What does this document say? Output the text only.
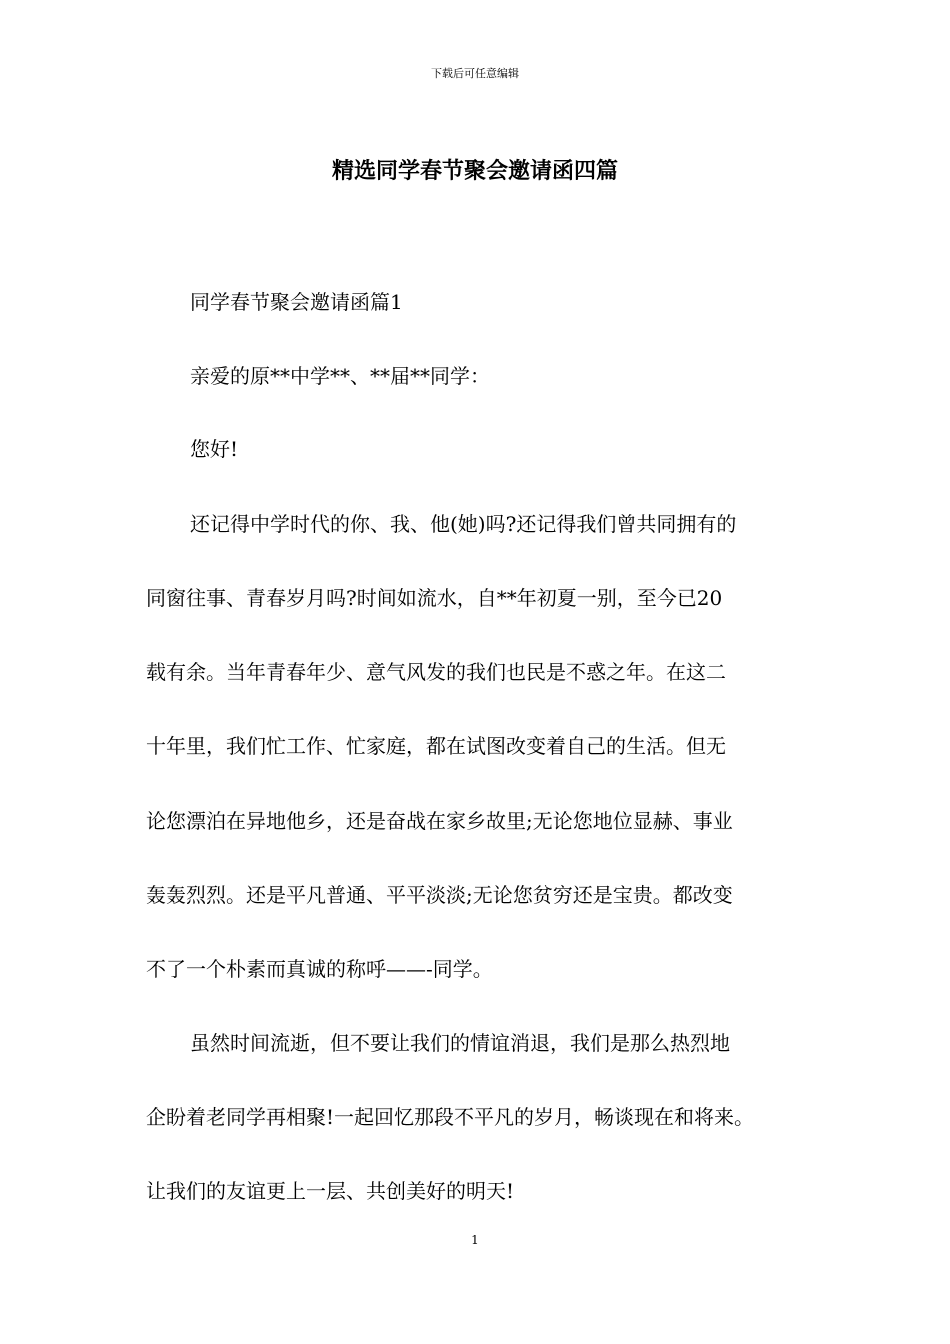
下载后可任意编辑
精选同学春节聚会邀请函四篇

同学春节聚会邀请函篇1

亲爱的原**中学**、**届**同学：

您好!

还记得中学时代的你、我、他(她)吗?还记得我们曾共同拥有的

同窗往事、青春岁月吗?时间如流水，自**年初夏一别，至今已20

载有余。当年青春年少、意气风发的我们也民是不惑之年。在这二

十年里，我们忙工作、忙家庭，都在试图改变着自己的生活。但无

论您漂泊在异地他乡，还是奋战在家乡故里;无论您地位显赫、事业

轰轰烈烈。还是平凡普通、平平淡淡;无论您贫穷还是宝贵。都改变

不了一个朴素而真诚的称呼——-同学。

虽然时间流逝，但不要让我们的情谊消退，我们是那么热烈地

企盼着老同学再相聚!一起回忆那段不平凡的岁月，畅谈现在和将来。

让我们的友谊更上一层、共创美好的明天!

1
